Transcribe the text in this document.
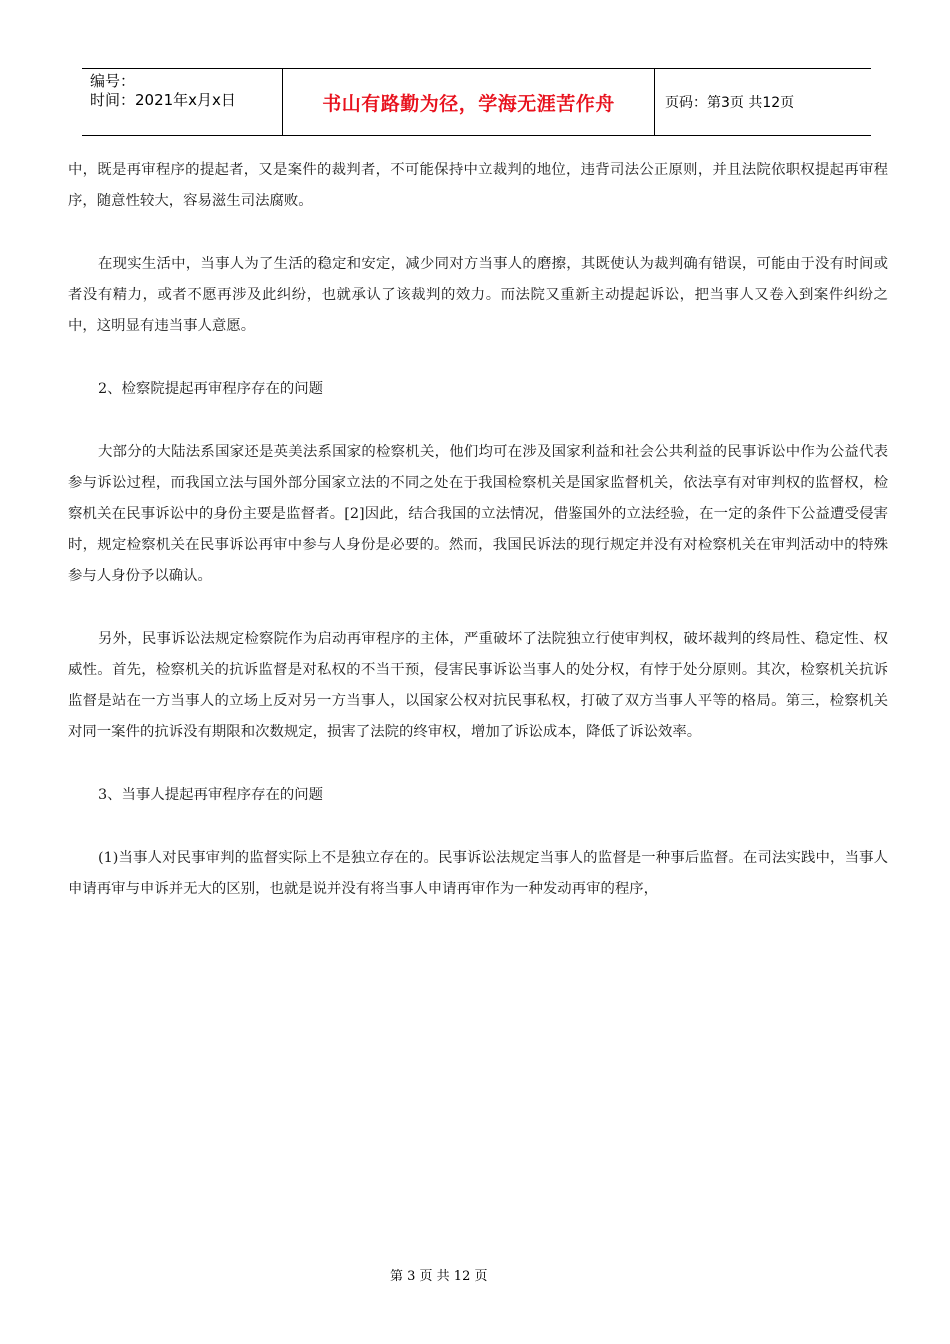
编号：
时间：2021年x月x日	书山有路勤为径，学海无涯苦作舟	页码：第3页 共12页

中，既是再审程序的提起者，又是案件的裁判者，不可能保持中立裁判的地位，违背司法公正原则，并且法院依职权提起再审程序，随意性较大，容易滋生司法腐败。

在现实生活中，当事人为了生活的稳定和安定，减少同对方当事人的磨擦，其既使认为裁判确有错误，可能由于没有时间或者没有精力，或者不愿再涉及此纠纷，也就承认了该裁判的效力。而法院又重新主动提起诉讼，把当事人又卷入到案件纠纷之中，这明显有违当事人意愿。

2、检察院提起再审程序存在的问题

大部分的大陆法系国家还是英美法系国家的检察机关，他们均可在涉及国家利益和社会公共利益的民事诉讼中作为公益代表参与诉讼过程，而我国立法与国外部分国家立法的不同之处在于我国检察机关是国家监督机关，依法享有对审判权的监督权，检察机关在民事诉讼中的身份主要是监督者。[2]因此，结合我国的立法情况，借鉴国外的立法经验，在一定的条件下公益遭受侵害时，规定检察机关在民事诉讼再审中参与人身份是必要的。然而，我国民诉法的现行规定并没有对检察机关在审判活动中的特殊参与人身份予以确认。

另外，民事诉讼法规定检察院作为启动再审程序的主体，严重破坏了法院独立行使审判权，破坏裁判的终局性、稳定性、权威性。首先，检察机关的抗诉监督是对私权的不当干预，侵害民事诉讼当事人的处分权，有悖于处分原则。其次，检察机关抗诉监督是站在一方当事人的立场上反对另一方当事人，以国家公权对抗民事私权，打破了双方当事人平等的格局。第三，检察机关对同一案件的抗诉没有期限和次数规定，损害了法院的终审权，增加了诉讼成本，降低了诉讼效率。

3、当事人提起再审程序存在的问题

(1)当事人对民事审判的监督实际上不是独立存在的。民事诉讼法规定当事人的监督是一种事后监督。在司法实践中，当事人申请再审与申诉并无大的区别，也就是说并没有将当事人申请再审作为一种发动再审的程序，

第 3 页 共 12 页
